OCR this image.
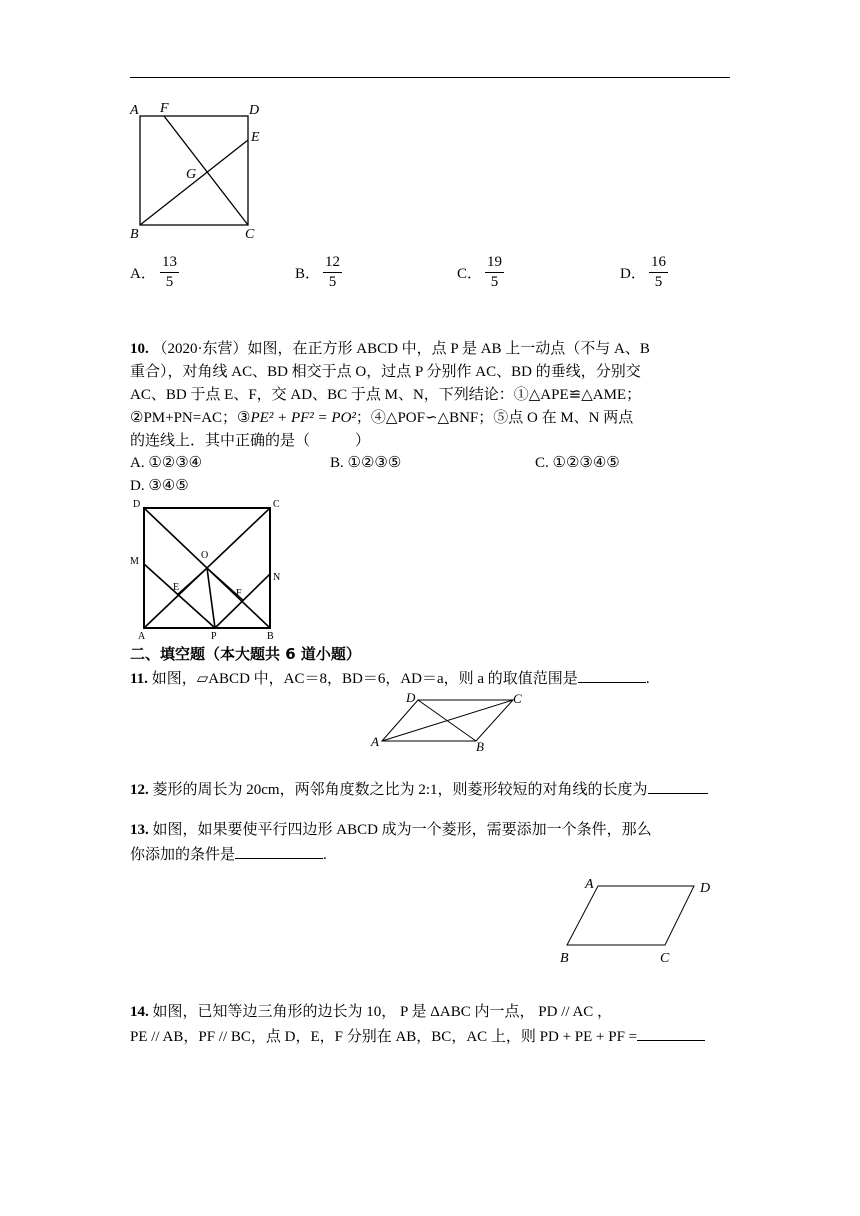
A F	D
E
G
B	C
A． $\frac{13}{5}$	B． $\frac{12}{5}$	C． $\frac{19}{5}$	D． $\frac{16}{5}$
10. （2020·东营）如图，在正方形 ABCD 中，点 P 是 AB 上一动点（不与 A、B
重合），对角线 AC、BD 相交于点 O，过点 P 分别作 AC、BD 的垂线，分别交
AC、BD 于点 E、F，交 AD、BC 于点 M、N，下列结论：①△APE≌△AME；
②PM+PN=AC；③PE² + PF² = PO²；④△POF∽△BNF；⑤点 O 在 M、N 两点
的连线上．其中正确的是（　　　）
A. ①②③④	B. ①②③⑤	C. ①②③④⑤
D. ③④⑤
D	C
M
O
E
N
F
A	P	B
二、填空题（本大题共 6 道小题）
11. 如图，▱ABCD 中，AC＝8，BD＝6，AD＝a，则 a 的取值范围是	.
D	C
A	B
12. 菱形的周长为 20cm，两邻角度数之比为 2:1，则菱形较短的对角线的长度为
13. 如图，如果要使平行四边形 ABCD 成为一个菱形，需要添加一个条件，那么
你添加的条件是	.
A	D
B	C
14. 如图，已知等边三角形的边长为 10， P 是 ΔABC 内一点， PD // AC ，
PE // AB，PF // BC，点 D，E，F 分别在 AB，BC，AC 上，则 PD + PE + PF =
